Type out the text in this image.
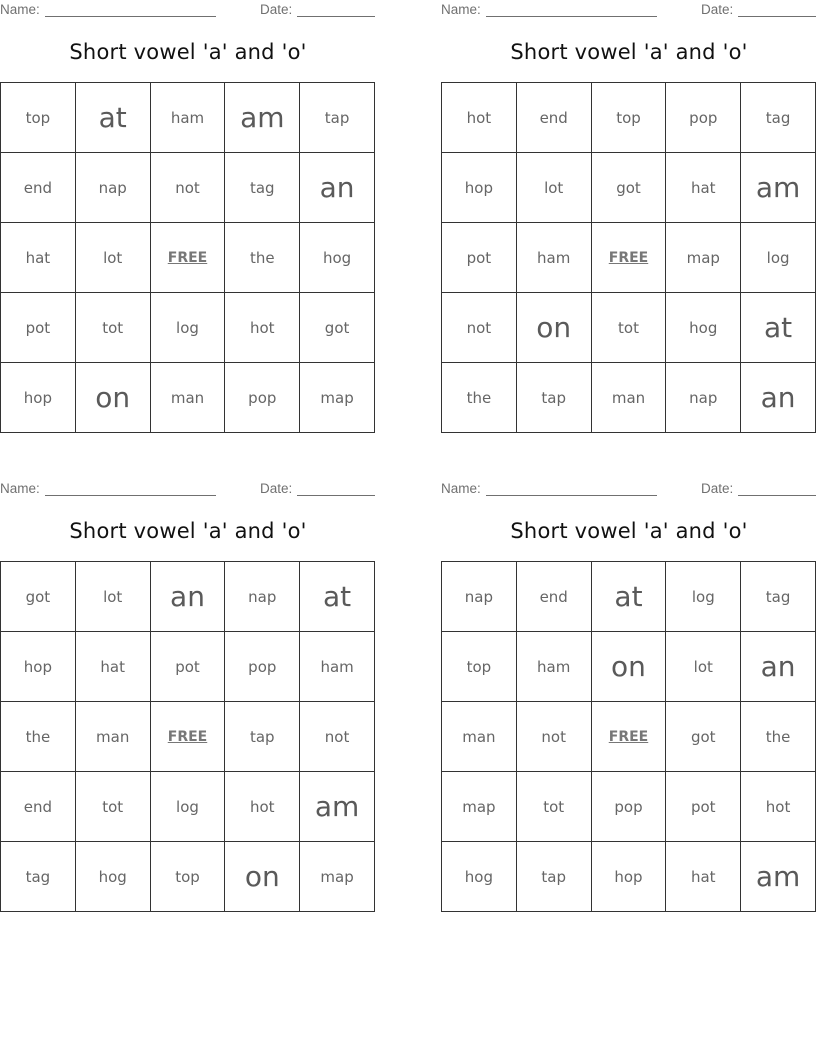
Name:	Date:
Short vowel 'a' and 'o'
top	at	ham	am	tap
end	nap	not	tag	an
hat	lot	FREE	the	hog
pot	tot	log	hot	got
hop	on	man	pop	map
Name:	Date:
Short vowel 'a' and 'o'
hot	end	top	pop	tag
hop	lot	got	hat	am
pot	ham	FREE	map	log
not	on	tot	hog	at
the	tap	man	nap	an
Name:	Date:
Short vowel 'a' and 'o'
got	lot	an	nap	at
hop	hat	pot	pop	ham
the	man	FREE	tap	not
end	tot	log	hot	am
tag	hog	top	on	map
Name:	Date:
Short vowel 'a' and 'o'
nap	end	at	log	tag
top	ham	on	lot	an
man	not	FREE	got	the
map	tot	pop	pot	hot
hog	tap	hop	hat	am
